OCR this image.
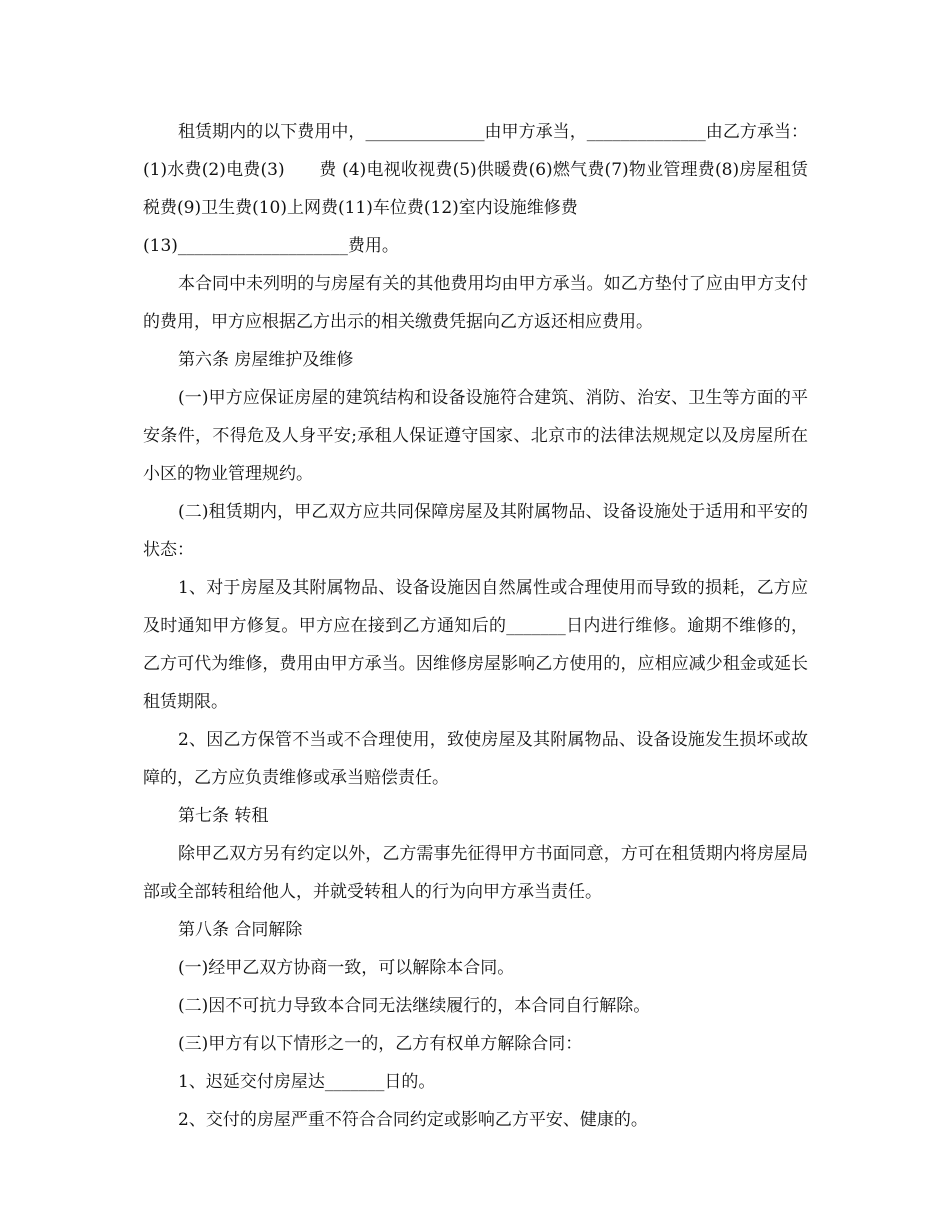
租赁期内的以下费用中，______________由甲方承当，______________由乙方承当：(1)水费(2)电费(3)　　费 (4)电视收视费(5)供暖费(6)燃气费(7)物业管理费(8)房屋租赁税费(9)卫生费(10)上网费(11)车位费(12)室内设施维修费

(13)____________________费用。

本合同中未列明的与房屋有关的其他费用均由甲方承当。如乙方垫付了应由甲方支付的费用，甲方应根据乙方出示的相关缴费凭据向乙方返还相应费用。

第六条 房屋维护及维修

(一)甲方应保证房屋的建筑结构和设备设施符合建筑、消防、治安、卫生等方面的平安条件，不得危及人身平安;承租人保证遵守国家、北京市的法律法规规定以及房屋所在小区的物业管理规约。

(二)租赁期内，甲乙双方应共同保障房屋及其附属物品、设备设施处于适用和平安的状态：

1、对于房屋及其附属物品、设备设施因自然属性或合理使用而导致的损耗，乙方应及时通知甲方修复。甲方应在接到乙方通知后的_______日内进行维修。逾期不维修的，乙方可代为维修，费用由甲方承当。因维修房屋影响乙方使用的，应相应减少租金或延长租赁期限。

2、因乙方保管不当或不合理使用，致使房屋及其附属物品、设备设施发生损坏或故障的，乙方应负责维修或承当赔偿责任。

第七条 转租

除甲乙双方另有约定以外，乙方需事先征得甲方书面同意，方可在租赁期内将房屋局部或全部转租给他人，并就受转租人的行为向甲方承当责任。

第八条 合同解除

(一)经甲乙双方协商一致，可以解除本合同。

(二)因不可抗力导致本合同无法继续履行的，本合同自行解除。

(三)甲方有以下情形之一的，乙方有权单方解除合同：

1、迟延交付房屋达_______日的。

2、交付的房屋严重不符合合同约定或影响乙方平安、健康的。
